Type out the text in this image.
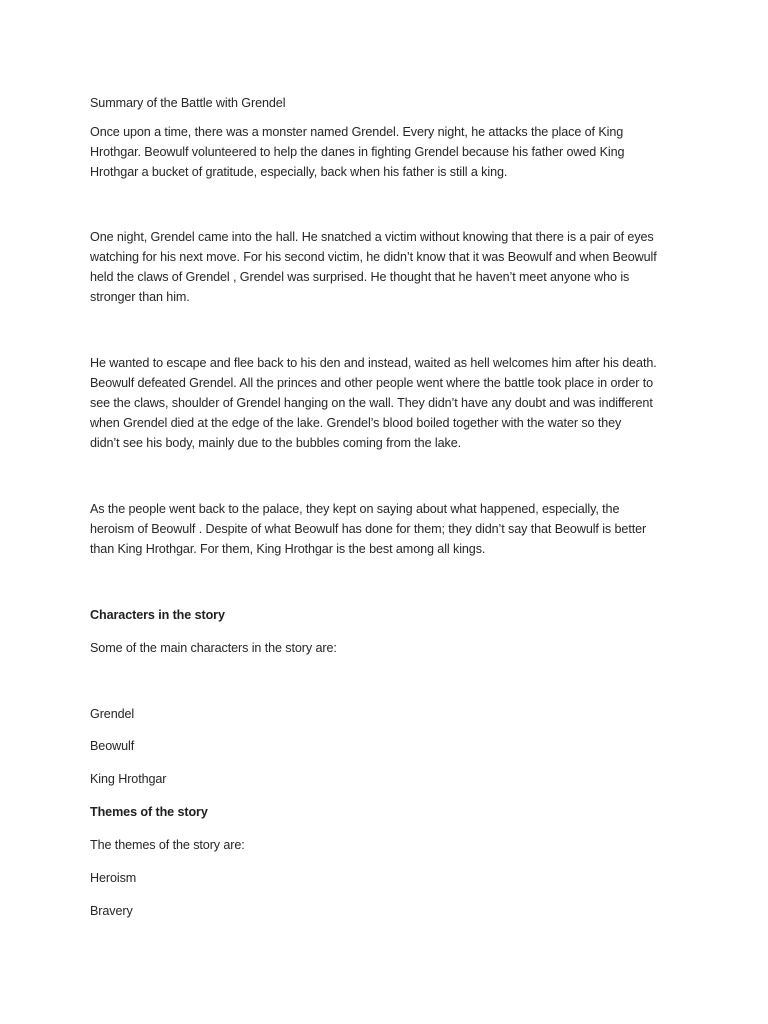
Summary of the Battle with Grendel
Once upon a time, there was a monster named Grendel. Every night, he attacks the place of King
Hrothgar. Beowulf volunteered to help the danes in fighting Grendel because his father owed King
Hrothgar a bucket of gratitude, especially, back when his father is still a king.
One night, Grendel came into the hall. He snatched a victim without knowing that there is a pair of eyes
watching for his next move. For his second victim, he didn’t know that it was Beowulf and when Beowulf
held the claws of Grendel , Grendel was surprised. He thought that he haven’t meet anyone who is
stronger than him.
He wanted to escape and flee back to his den and instead, waited as hell welcomes him after his death.
Beowulf defeated Grendel. All the princes and other people went where the battle took place in order to
see the claws, shoulder of Grendel hanging on the wall. They didn’t have any doubt and was indifferent
when Grendel died at the edge of the lake. Grendel’s blood boiled together with the water so they
didn’t see his body, mainly due to the bubbles coming from the lake.
As the people went back to the palace, they kept on saying about what happened, especially, the
heroism of Beowulf . Despite of what Beowulf has done for them; they didn’t say that Beowulf is better
than King Hrothgar. For them, King Hrothgar is the best among all kings.
Characters in the story
Some of the main characters in the story are:
Grendel
Beowulf
King Hrothgar
Themes of the story
The themes of the story are:
Heroism
Bravery
